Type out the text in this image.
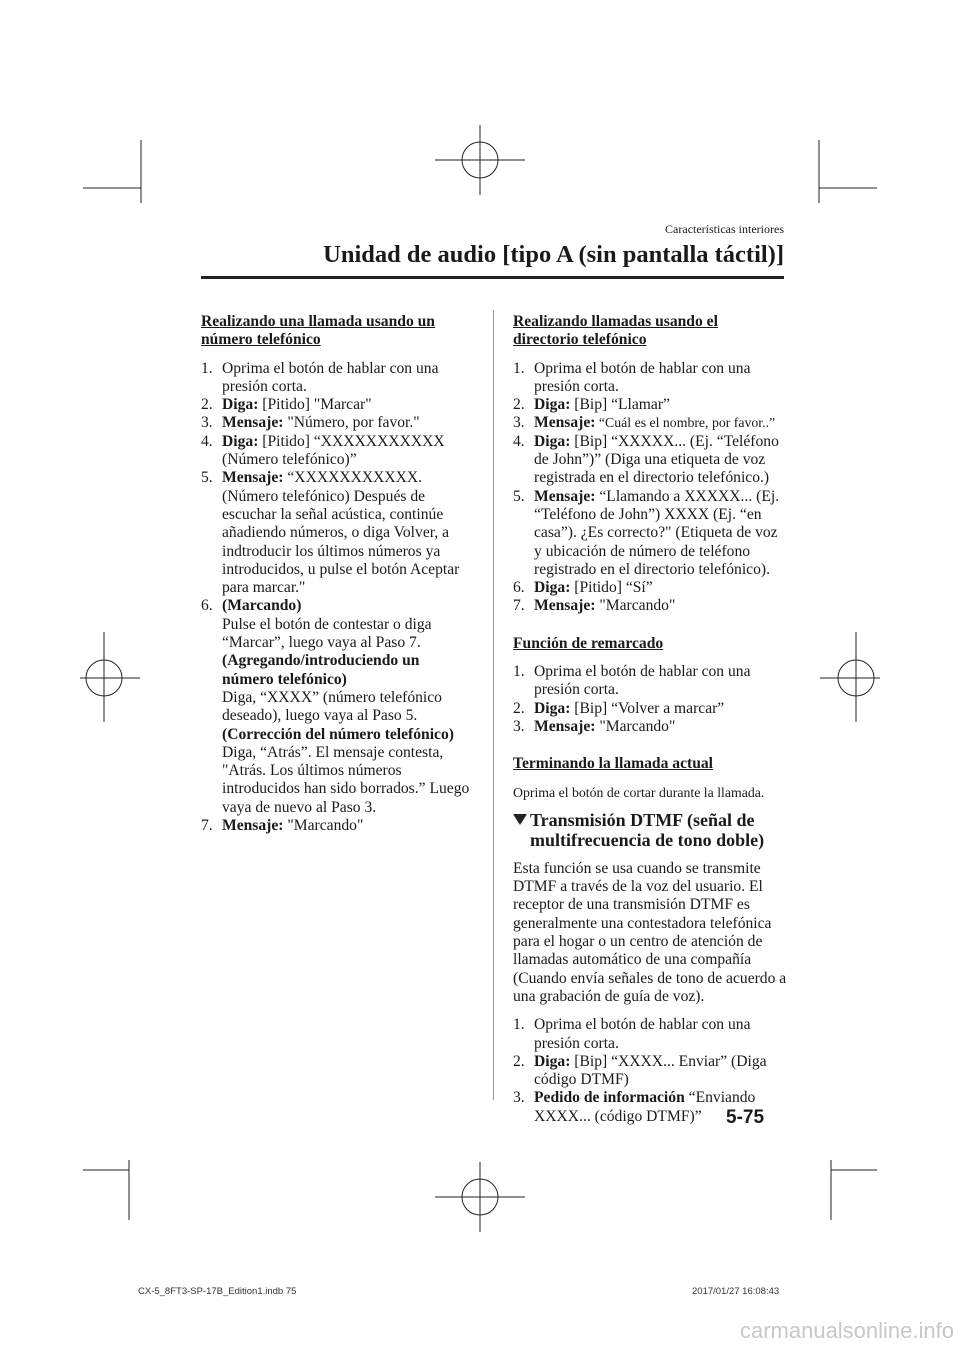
Características interiores
Unidad de audio [tipo A (sin pantalla táctil)]

Realizando una llamada usando un
número telefónico

1. Oprima el botón de hablar con una presión corta.
2. Diga: [Pitido] "Marcar"
3. Mensaje: "Número, por favor."
4. Diga: [Pitido] “XXXXXXXXXXX (Número telefónico)”
5. Mensaje: “XXXXXXXXXXX. (Número telefónico) Después de escuchar la señal acústica, continúe añadiendo números, o diga Volver, a indtroducir los últimos números ya introducidos, u pulse el botón Aceptar para marcar."
6. (Marcando)
Pulse el botón de contestar o diga “Marcar”, luego vaya al Paso 7.
(Agregando/introduciendo un número telefónico)
Diga, “XXXX” (número telefónico deseado), luego vaya al Paso 5.
(Corrección del número telefónico)
Diga, “Atrás”. El mensaje contesta, "Atrás. Los últimos números introducidos han sido borrados.” Luego vaya de nuevo al Paso 3.
7. Mensaje: "Marcando"

Realizando llamadas usando el
directorio telefónico

1. Oprima el botón de hablar con una presión corta.
2. Diga: [Bip] “Llamar”
3. Mensaje: “Cuál es el nombre, por favor..”
4. Diga: [Bip] “XXXXX... (Ej. “Teléfono de John”)” (Diga una etiqueta de voz registrada en el directorio telefónico.)
5. Mensaje: “Llamando a XXXXX... (Ej. “Teléfono de John”) XXXX (Ej. “en casa”). ¿Es correcto?" (Etiqueta de voz y ubicación de número de teléfono registrado en el directorio telefónico).
6. Diga: [Pitido] “Sí”
7. Mensaje: "Marcando"

Función de remarcado

1. Oprima el botón de hablar con una presión corta.
2. Diga: [Bip] “Volver a marcar”
3. Mensaje: "Marcando"

Terminando la llamada actual

Oprima el botón de cortar durante la llamada.

Transmisión DTMF (señal de multifrecuencia de tono doble)

Esta función se usa cuando se transmite DTMF a través de la voz del usuario. El receptor de una transmisión DTMF es generalmente una contestadora telefónica para el hogar o un centro de atención de llamadas automático de una compañía (Cuando envía señales de tono de acuerdo a una grabación de guía de voz).

1. Oprima el botón de hablar con una presión corta.
2. Diga: [Bip] “XXXX... Enviar” (Diga código DTMF)
3. Pedido de información “Enviando XXXX... (código DTMF)”	5-75
CX-5_8FT3-SP-17B_Edition1.indb 75	2017/01/27 16:08:43
carmanualsonline.info
